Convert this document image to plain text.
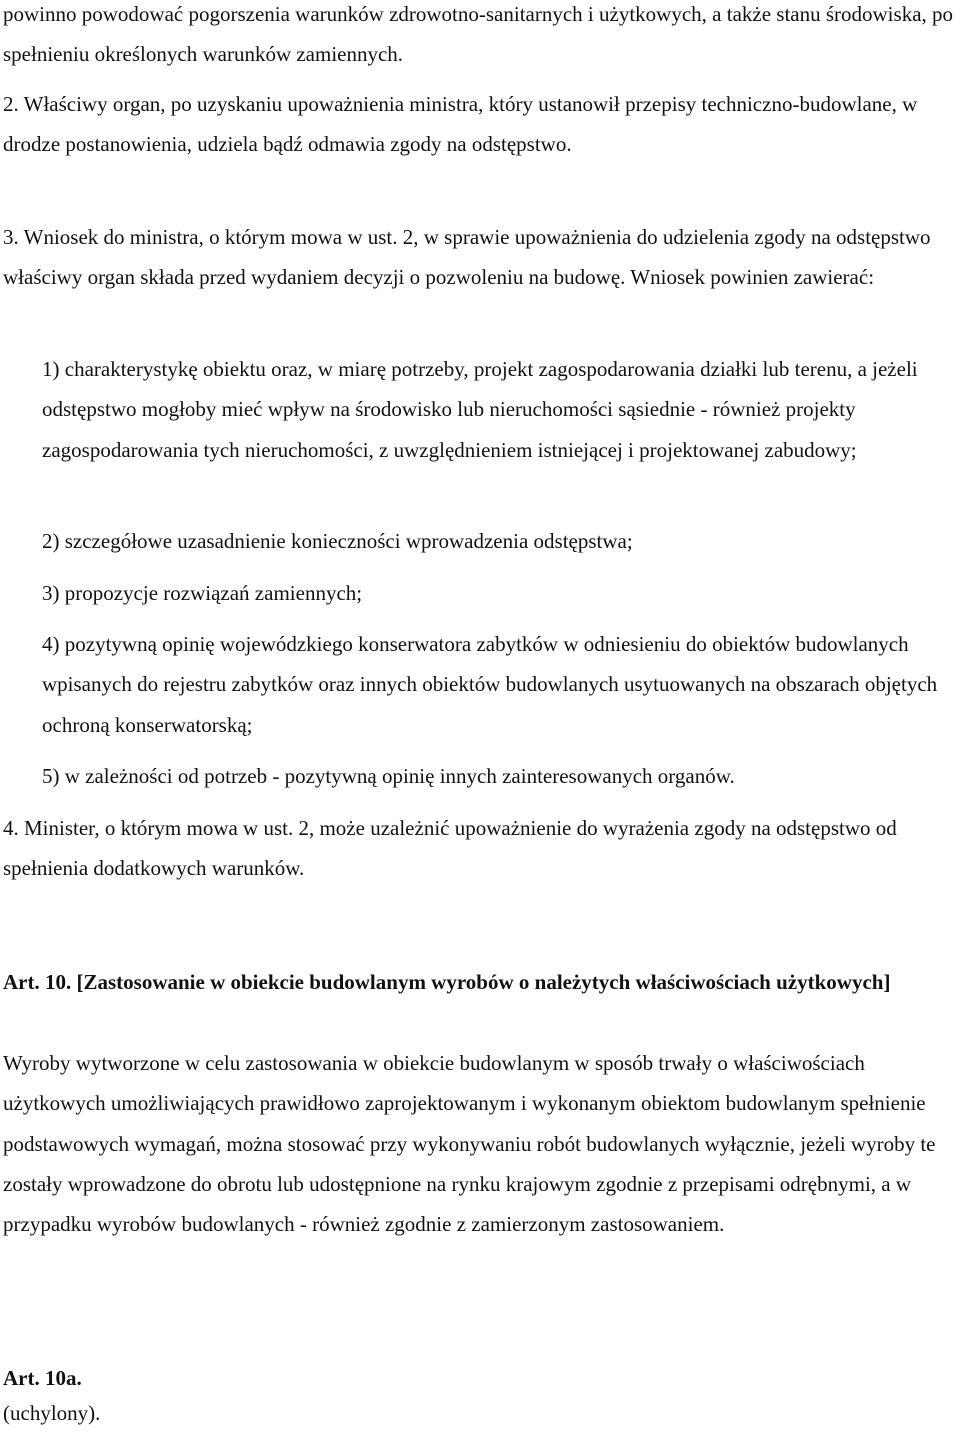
powinno powodować pogorszenia warunków zdrowotno-sanitarnych i użytkowych, a także stanu środowiska, po spełnieniu określonych warunków zamiennych.

2. Właściwy organ, po uzyskaniu upoważnienia ministra, który ustanowił przepisy techniczno-budowlane, w drodze postanowienia, udziela bądź odmawia zgody na odstępstwo.

3. Wniosek do ministra, o którym mowa w ust. 2, w sprawie upoważnienia do udzielenia zgody na odstępstwo właściwy organ składa przed wydaniem decyzji o pozwoleniu na budowę. Wniosek powinien zawierać:

1) charakterystykę obiektu oraz, w miarę potrzeby, projekt zagospodarowania działki lub terenu, a jeżeli odstępstwo mogłoby mieć wpływ na środowisko lub nieruchomości sąsiednie - również projekty zagospodarowania tych nieruchomości, z uwzględnieniem istniejącej i projektowanej zabudowy;

2) szczegółowe uzasadnienie konieczności wprowadzenia odstępstwa;

3) propozycje rozwiązań zamiennych;

4) pozytywną opinię wojewódzkiego konserwatora zabytków w odniesieniu do obiektów budowlanych wpisanych do rejestru zabytków oraz innych obiektów budowlanych usytuowanych na obszarach objętych ochroną konserwatorską;

5) w zależności od potrzeb - pozytywną opinię innych zainteresowanych organów.

4. Minister, o którym mowa w ust. 2, może uzależnić upoważnienie do wyrażenia zgody na odstępstwo od spełnienia dodatkowych warunków.

Art. 10. [Zastosowanie w obiekcie budowlanym wyrobów o należytych właściwościach użytkowych]

Wyroby wytworzone w celu zastosowania w obiekcie budowlanym w sposób trwały o właściwościach użytkowych umożliwiających prawidłowo zaprojektowanym i wykonanym obiektom budowlanym spełnienie podstawowych wymagań, można stosować przy wykonywaniu robót budowlanych wyłącznie, jeżeli wyroby te zostały wprowadzone do obrotu lub udostępnione na rynku krajowym zgodnie z przepisami odrębnymi, a w przypadku wyrobów budowlanych - również zgodnie z zamierzonym zastosowaniem.

Art. 10a.

(uchylony).
